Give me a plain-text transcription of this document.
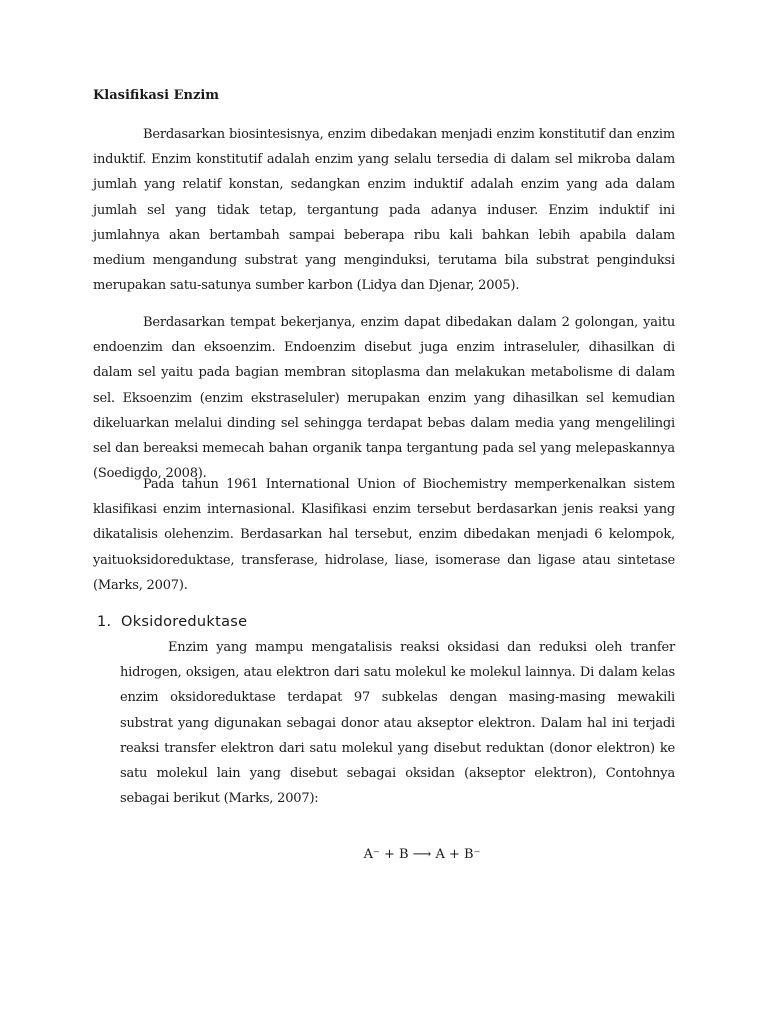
Klasifikasi Enzim

Berdasarkan biosintesisnya, enzim dibedakan menjadi enzim konstitutif dan enzim induktif. Enzim konstitutif adalah enzim yang selalu tersedia di dalam sel mikroba dalam jumlah yang relatif konstan, sedangkan enzim induktif adalah enzim yang ada dalam jumlah sel yang tidak tetap, tergantung pada adanya induser. Enzim induktif ini jumlahnya akan bertambah sampai beberapa ribu kali bahkan lebih apabila dalam medium mengandung substrat yang menginduksi, terutama bila substrat penginduksi merupakan satu-satunya sumber karbon (Lidya dan Djenar, 2005).

Berdasarkan tempat bekerjanya, enzim dapat dibedakan dalam 2 golongan, yaitu endoenzim dan eksoenzim. Endoenzim disebut juga enzim intraseluler, dihasilkan di dalam sel yaitu pada bagian membran sitoplasma dan melakukan metabolisme di dalam sel. Eksoenzim (enzim ekstraseluler) merupakan enzim yang dihasilkan sel kemudian dikeluarkan melalui dinding sel sehingga terdapat bebas dalam media yang mengelilingi sel dan bereaksi memecah bahan organik tanpa tergantung pada sel yang melepaskannya (Soedigdo, 2008).

Pada tahun 1961 International Union of Biochemistry memperkenalkan sistem klasifikasi enzim internasional. Klasifikasi enzim tersebut berdasarkan jenis reaksi yang dikatalisis olehenzim. Berdasarkan hal tersebut, enzim dibedakan menjadi 6 kelompok, yaituoksidoreduktase, transferase, hidrolase, liase, isomerase dan ligase atau sintetase (Marks, 2007).

1. Oksidoreduktase

Enzim yang mampu mengatalisis reaksi oksidasi dan reduksi oleh tranfer hidrogen, oksigen, atau elektron dari satu molekul ke molekul lainnya. Di dalam kelas enzim oksidoreduktase terdapat 97 subkelas dengan masing-masing mewakili substrat yang digunakan sebagai donor atau akseptor elektron. Dalam hal ini terjadi reaksi transfer elektron dari satu molekul yang disebut reduktan (donor elektron) ke satu molekul lain yang disebut sebagai oksidan (akseptor elektron), Contohnya sebagai berikut (Marks, 2007):

A⁻ + B ⟶ A + B⁻
